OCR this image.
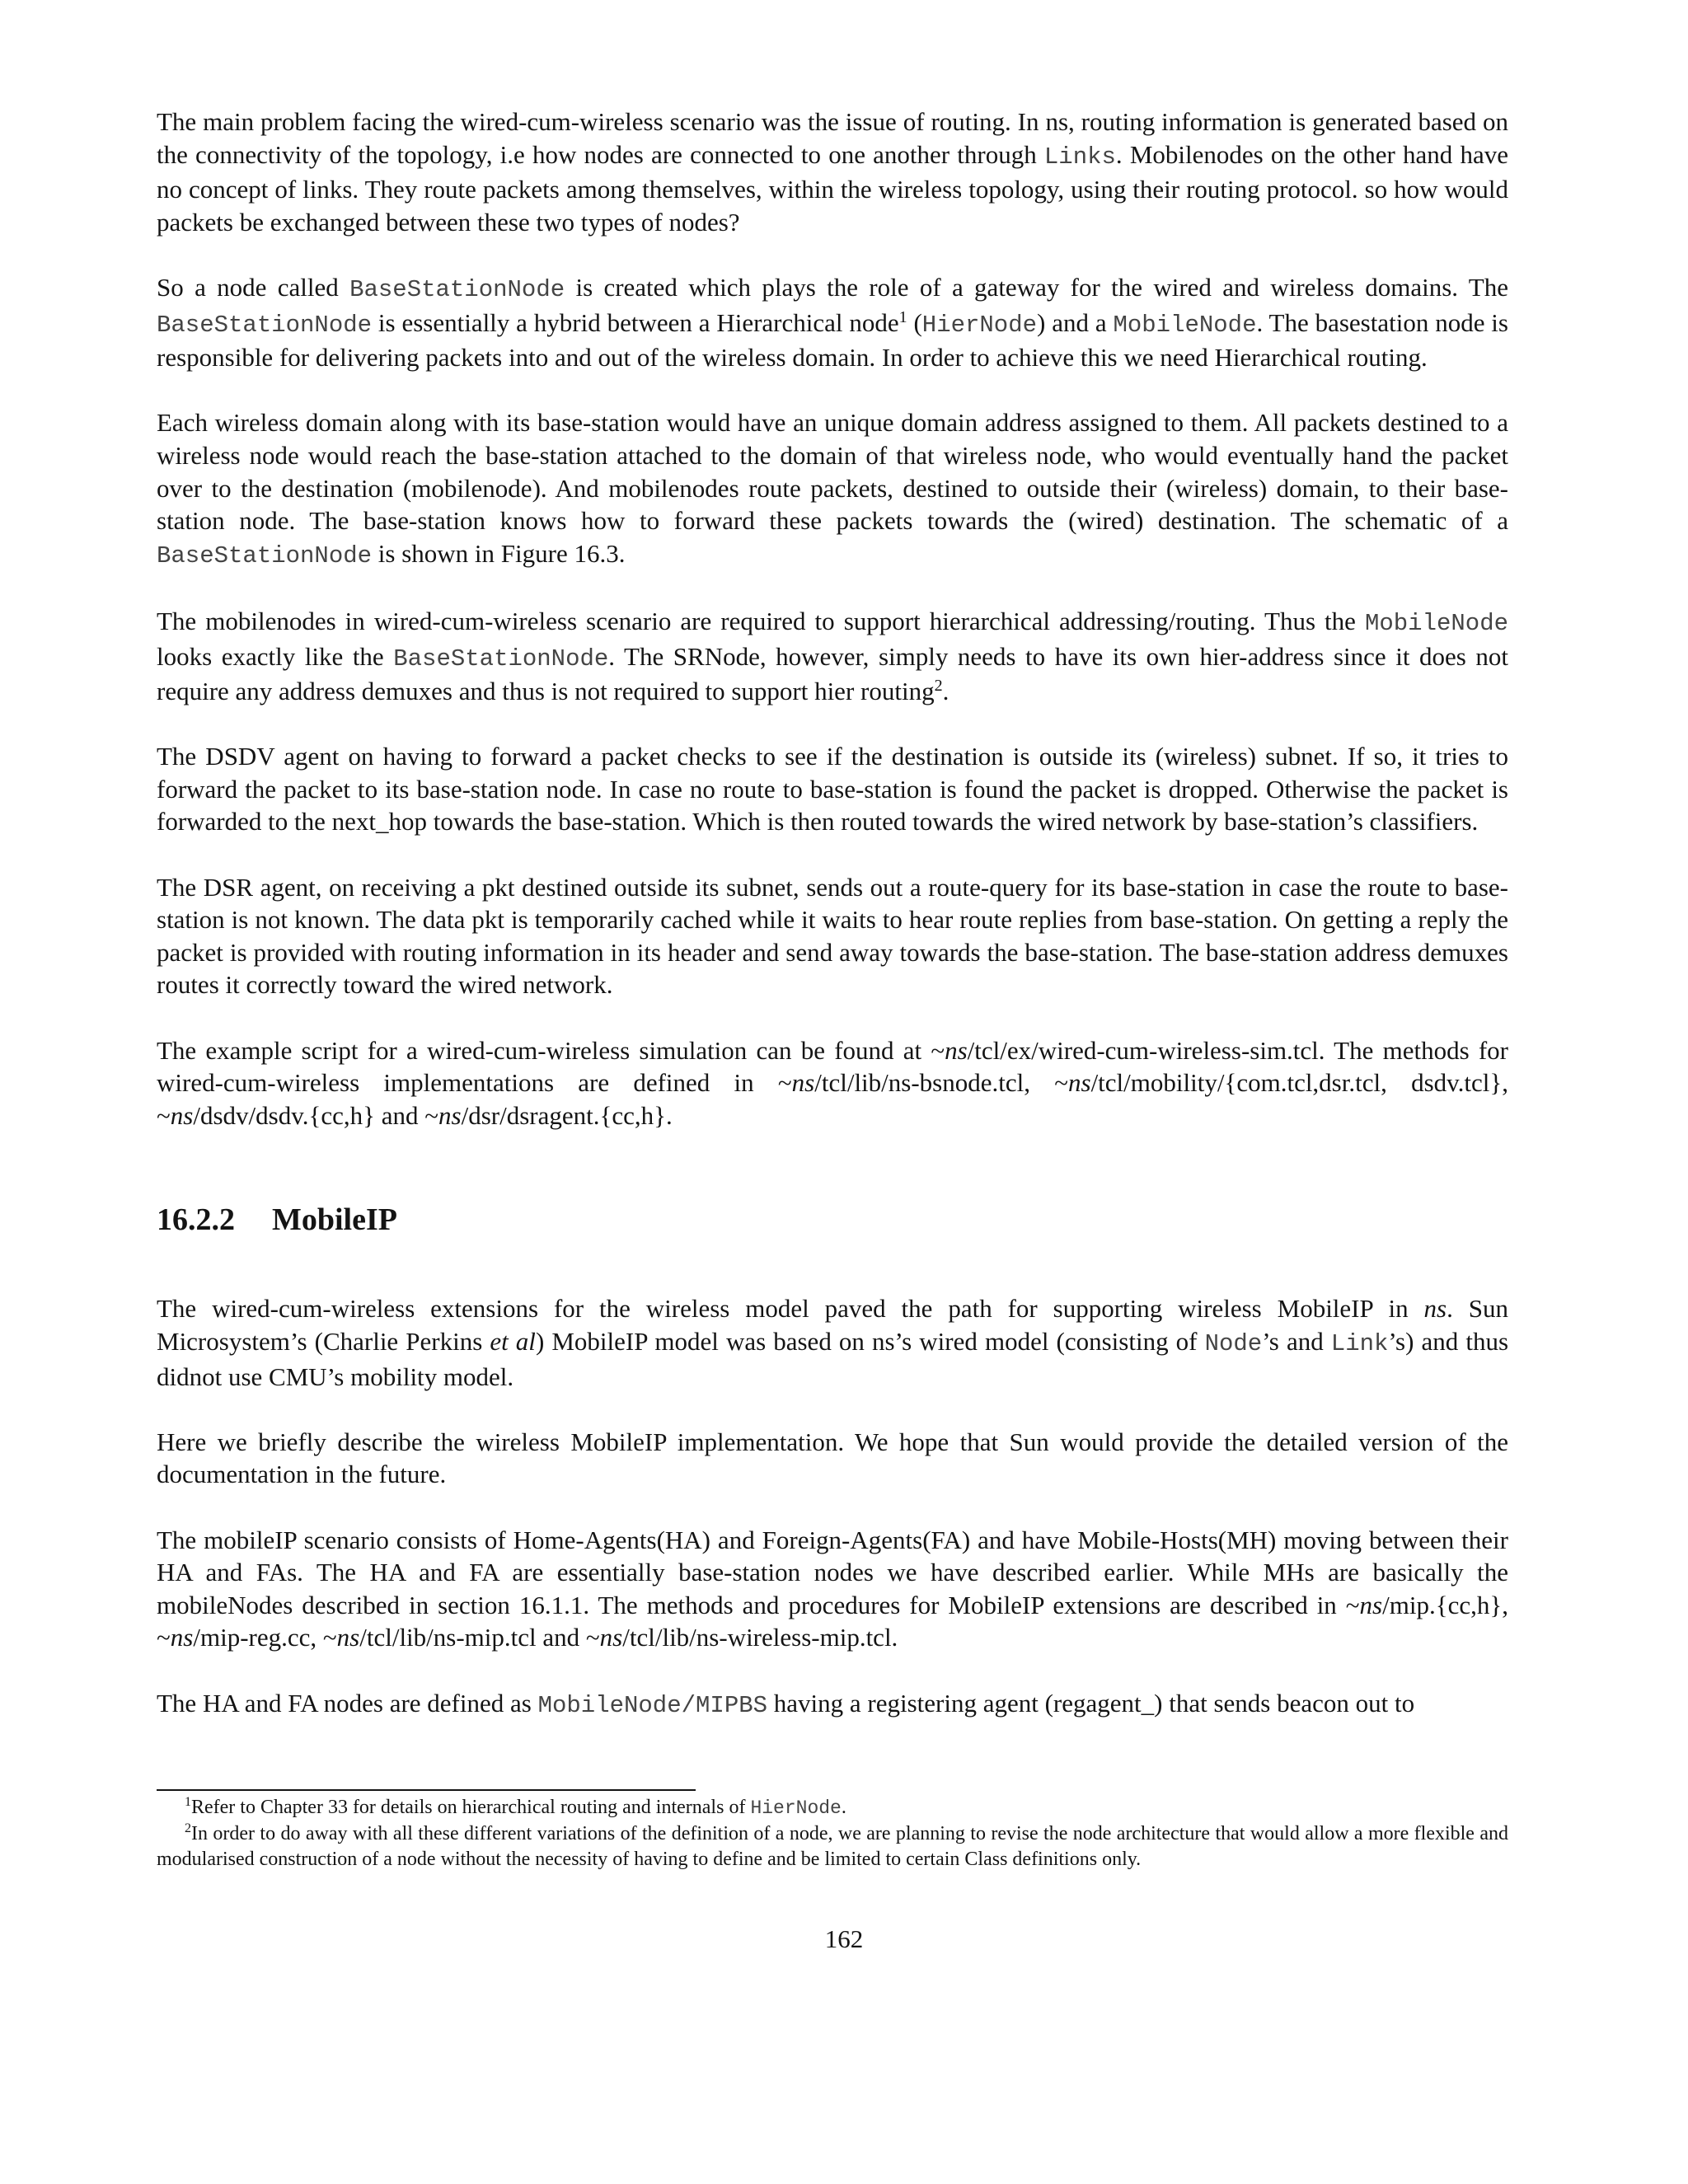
The main problem facing the wired-cum-wireless scenario was the issue of routing. In ns, routing information is generated based on the connectivity of the topology, i.e how nodes are connected to one another through Links. Mobilenodes on the other hand have no concept of links. They route packets among themselves, within the wireless topology, using their routing protocol. so how would packets be exchanged between these two types of nodes?

So a node called BaseStationNode is created which plays the role of a gateway for the wired and wireless domains. The BaseStationNode is essentially a hybrid between a Hierarchical node$^1$ (HierNode) and a MobileNode. The basestation node is responsible for delivering packets into and out of the wireless domain. In order to achieve this we need Hierarchical routing.

Each wireless domain along with its base-station would have an unique domain address assigned to them. All packets destined to a wireless node would reach the base-station attached to the domain of that wireless node, who would eventually hand the packet over to the destination (mobilenode). And mobilenodes route packets, destined to outside their (wireless) domain, to their base-station node. The base-station knows how to forward these packets towards the (wired) destination. The schematic of a BaseStationNode is shown in Figure 16.3.

The mobilenodes in wired-cum-wireless scenario are required to support hierarchical addressing/routing. Thus the MobileNode looks exactly like the BaseStationNode. The SRNode, however, simply needs to have its own hier-address since it does not require any address demuxes and thus is not required to support hier routing$^2$.

The DSDV agent on having to forward a packet checks to see if the destination is outside its (wireless) subnet. If so, it tries to forward the packet to its base-station node. In case no route to base-station is found the packet is dropped. Otherwise the packet is forwarded to the next_hop towards the base-station. Which is then routed towards the wired network by base-station’s classifiers.

The DSR agent, on receiving a pkt destined outside its subnet, sends out a route-query for its base-station in case the route to base-station is not known. The data pkt is temporarily cached while it waits to hear route replies from base-station. On getting a reply the packet is provided with routing information in its header and send away towards the base-station. The base-station address demuxes routes it correctly toward the wired network.

The example script for a wired-cum-wireless simulation can be found at ~ns/tcl/ex/wired-cum-wireless-sim.tcl. The methods for wired-cum-wireless implementations are defined in ~ns/tcl/lib/ns-bsnode.tcl, ~ns/tcl/mobility/{com.tcl,dsr.tcl, dsdv.tcl}, ~ns/dsdv/dsdv.{cc,h} and ~ns/dsr/dsragent.{cc,h}.

16.2.2 MobileIP

The wired-cum-wireless extensions for the wireless model paved the path for supporting wireless MobileIP in ns. Sun Microsystem’s (Charlie Perkins et al) MobileIP model was based on ns’s wired model (consisting of Node’s and Link’s) and thus didnot use CMU’s mobility model.

Here we briefly describe the wireless MobileIP implementation. We hope that Sun would provide the detailed version of the documentation in the future.

The mobileIP scenario consists of Home-Agents(HA) and Foreign-Agents(FA) and have Mobile-Hosts(MH) moving between their HA and FAs. The HA and FA are essentially base-station nodes we have described earlier. While MHs are basically the mobileNodes described in section 16.1.1. The methods and procedures for MobileIP extensions are described in ~ns/mip.{cc,h}, ~ns/mip-reg.cc, ~ns/tcl/lib/ns-mip.tcl and ~ns/tcl/lib/ns-wireless-mip.tcl.

The HA and FA nodes are defined as MobileNode/MIPBS having a registering agent (regagent_) that sends beacon out to

$^1$Refer to Chapter 33 for details on hierarchical routing and internals of HierNode.

$^2$In order to do away with all these different variations of the definition of a node, we are planning to revise the node architecture that would allow a more flexible and modularised construction of a node without the necessity of having to define and be limited to certain Class definitions only.

162
